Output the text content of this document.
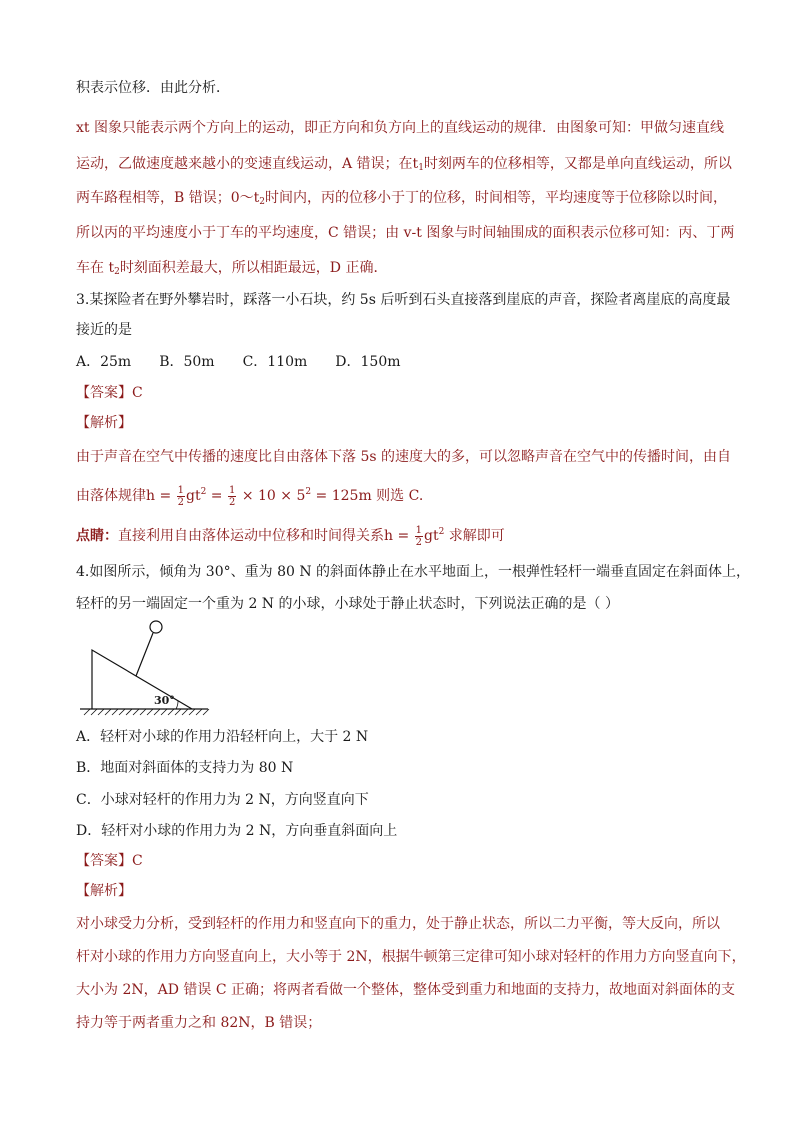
积表示位移．由此分析．
xt 图象只能表示两个方向上的运动，即正方向和负方向上的直线运动的规律．由图象可知：甲做匀速直线
运动，乙做速度越来越小的变速直线运动，A 错误；在$t_1$时刻两车的位移相等，又都是单向直线运动，所以
两车路程相等，B 错误；$0\sim t_2$时间内，丙的位移小于丁的位移，时间相等，平均速度等于位移除以时间，
所以丙的平均速度小于丁车的平均速度，C 错误；由 v-t 图象与时间轴围成的面积表示位移可知：丙、丁两
车在 $t_2$时刻面积差最大，所以相距最远，D 正确．
3.某探险者在野外攀岩时，踩落一小石块，约 5s 后听到石头直接落到崖底的声音，探险者离崖底的高度最
接近的是
A．25m　　B．50m　　C．110m　　D．150m
【答案】C
【解析】
由于声音在空气中传播的速度比自由落体下落 5s 的速度大的多，可以忽略声音在空气中的传播时间，由自
由落体规律$h = \frac{1}{2} gt^2 = \frac{1}{2} \times 10 \times 5^2 = 125m$ 则选 C.
点睛：直接利用自由落体运动中位移和时间得关系$h = \frac{1}{2} gt^2$ 求解即可
4.如图所示，倾角为 30°、重为 80 N 的斜面体静止在水平地面上，一根弹性轻杆一端垂直固定在斜面体上，
轻杆的另一端固定一个重为 2 N 的小球，小球处于静止状态时，下列说法正确的是（ ）
30°
A．轻杆对小球的作用力沿轻杆向上，大于 2 N
B．地面对斜面体的支持力为 80 N
C．小球对轻杆的作用力为 2 N，方向竖直向下
D．轻杆对小球的作用力为 2 N，方向垂直斜面向上
【答案】C
【解析】
对小球受力分析，受到轻杆的作用力和竖直向下的重力，处于静止状态，所以二力平衡，等大反向，所以
杆对小球的作用力方向竖直向上，大小等于 2N，根据牛顿第三定律可知小球对轻杆的作用力方向竖直向下，
大小为 2N，AD 错误 C 正确；将两者看做一个整体，整体受到重力和地面的支持力，故地面对斜面体的支
持力等于两者重力之和 82N，B 错误；
